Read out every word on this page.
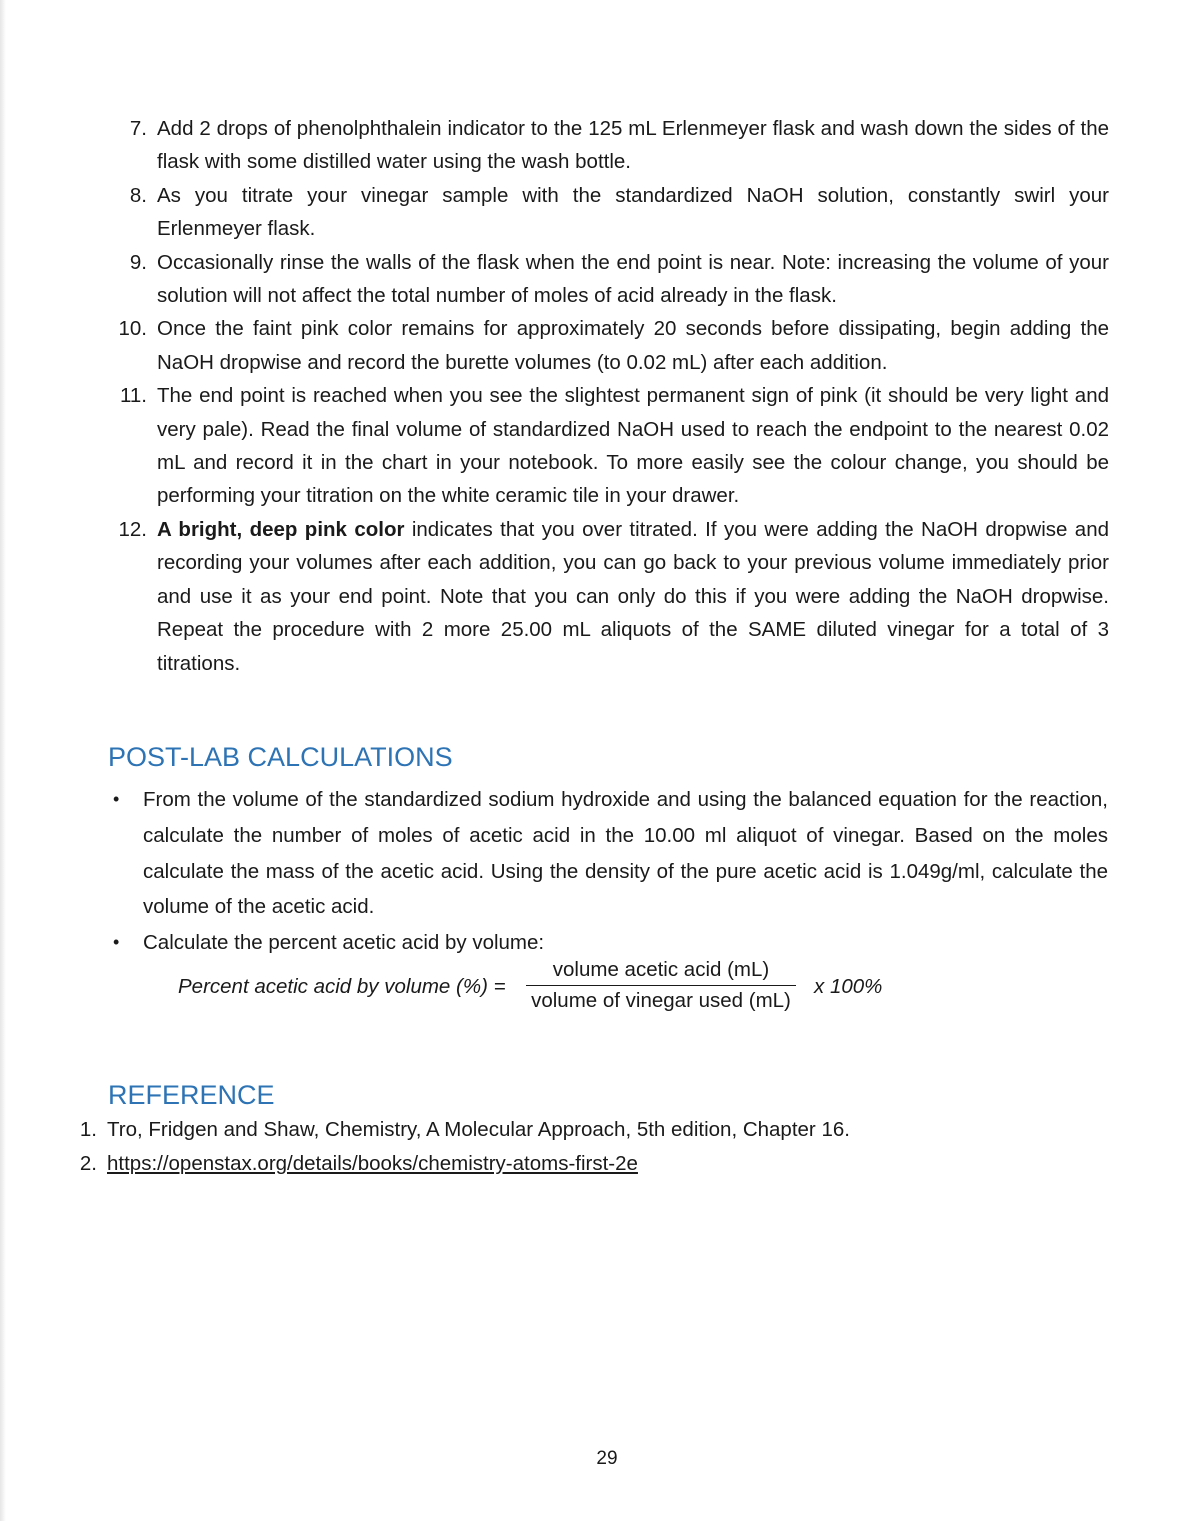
7. Add 2 drops of phenolphthalein indicator to the 125 mL Erlenmeyer flask and wash down the sides of the flask with some distilled water using the wash bottle.
8. As you titrate your vinegar sample with the standardized NaOH solution, constantly swirl your Erlenmeyer flask.
9. Occasionally rinse the walls of the flask when the end point is near. Note: increasing the volume of your solution will not affect the total number of moles of acid already in the flask.
10. Once the faint pink color remains for approximately 20 seconds before dissipating, begin adding the NaOH dropwise and record the burette volumes (to 0.02 mL) after each addition.
11. The end point is reached when you see the slightest permanent sign of pink (it should be very light and very pale). Read the final volume of standardized NaOH used to reach the endpoint to the nearest 0.02 mL and record it in the chart in your notebook. To more easily see the colour change, you should be performing your titration on the white ceramic tile in your drawer.
12. A bright, deep pink color indicates that you over titrated. If you were adding the NaOH dropwise and recording your volumes after each addition, you can go back to your previous volume immediately prior and use it as your end point. Note that you can only do this if you were adding the NaOH dropwise. Repeat the procedure with 2 more 25.00 mL aliquots of the SAME diluted vinegar for a total of 3 titrations.
POST-LAB CALCULATIONS
• From the volume of the standardized sodium hydroxide and using the balanced equation for the reaction, calculate the number of moles of acetic acid in the 10.00 ml aliquot of vinegar. Based on the moles calculate the mass of the acetic acid. Using the density of the pure acetic acid is 1.049g/ml, calculate the volume of the acetic acid.
• Calculate the percent acetic acid by volume:
Percent acetic acid by volume (%) =
volume acetic acid (mL)
volume of vinegar used (mL)
x 100%
REFERENCE
1. Tro, Fridgen and Shaw, Chemistry, A Molecular Approach, 5th edition, Chapter 16.
2. https://openstax.org/details/books/chemistry-atoms-first-2e
29
